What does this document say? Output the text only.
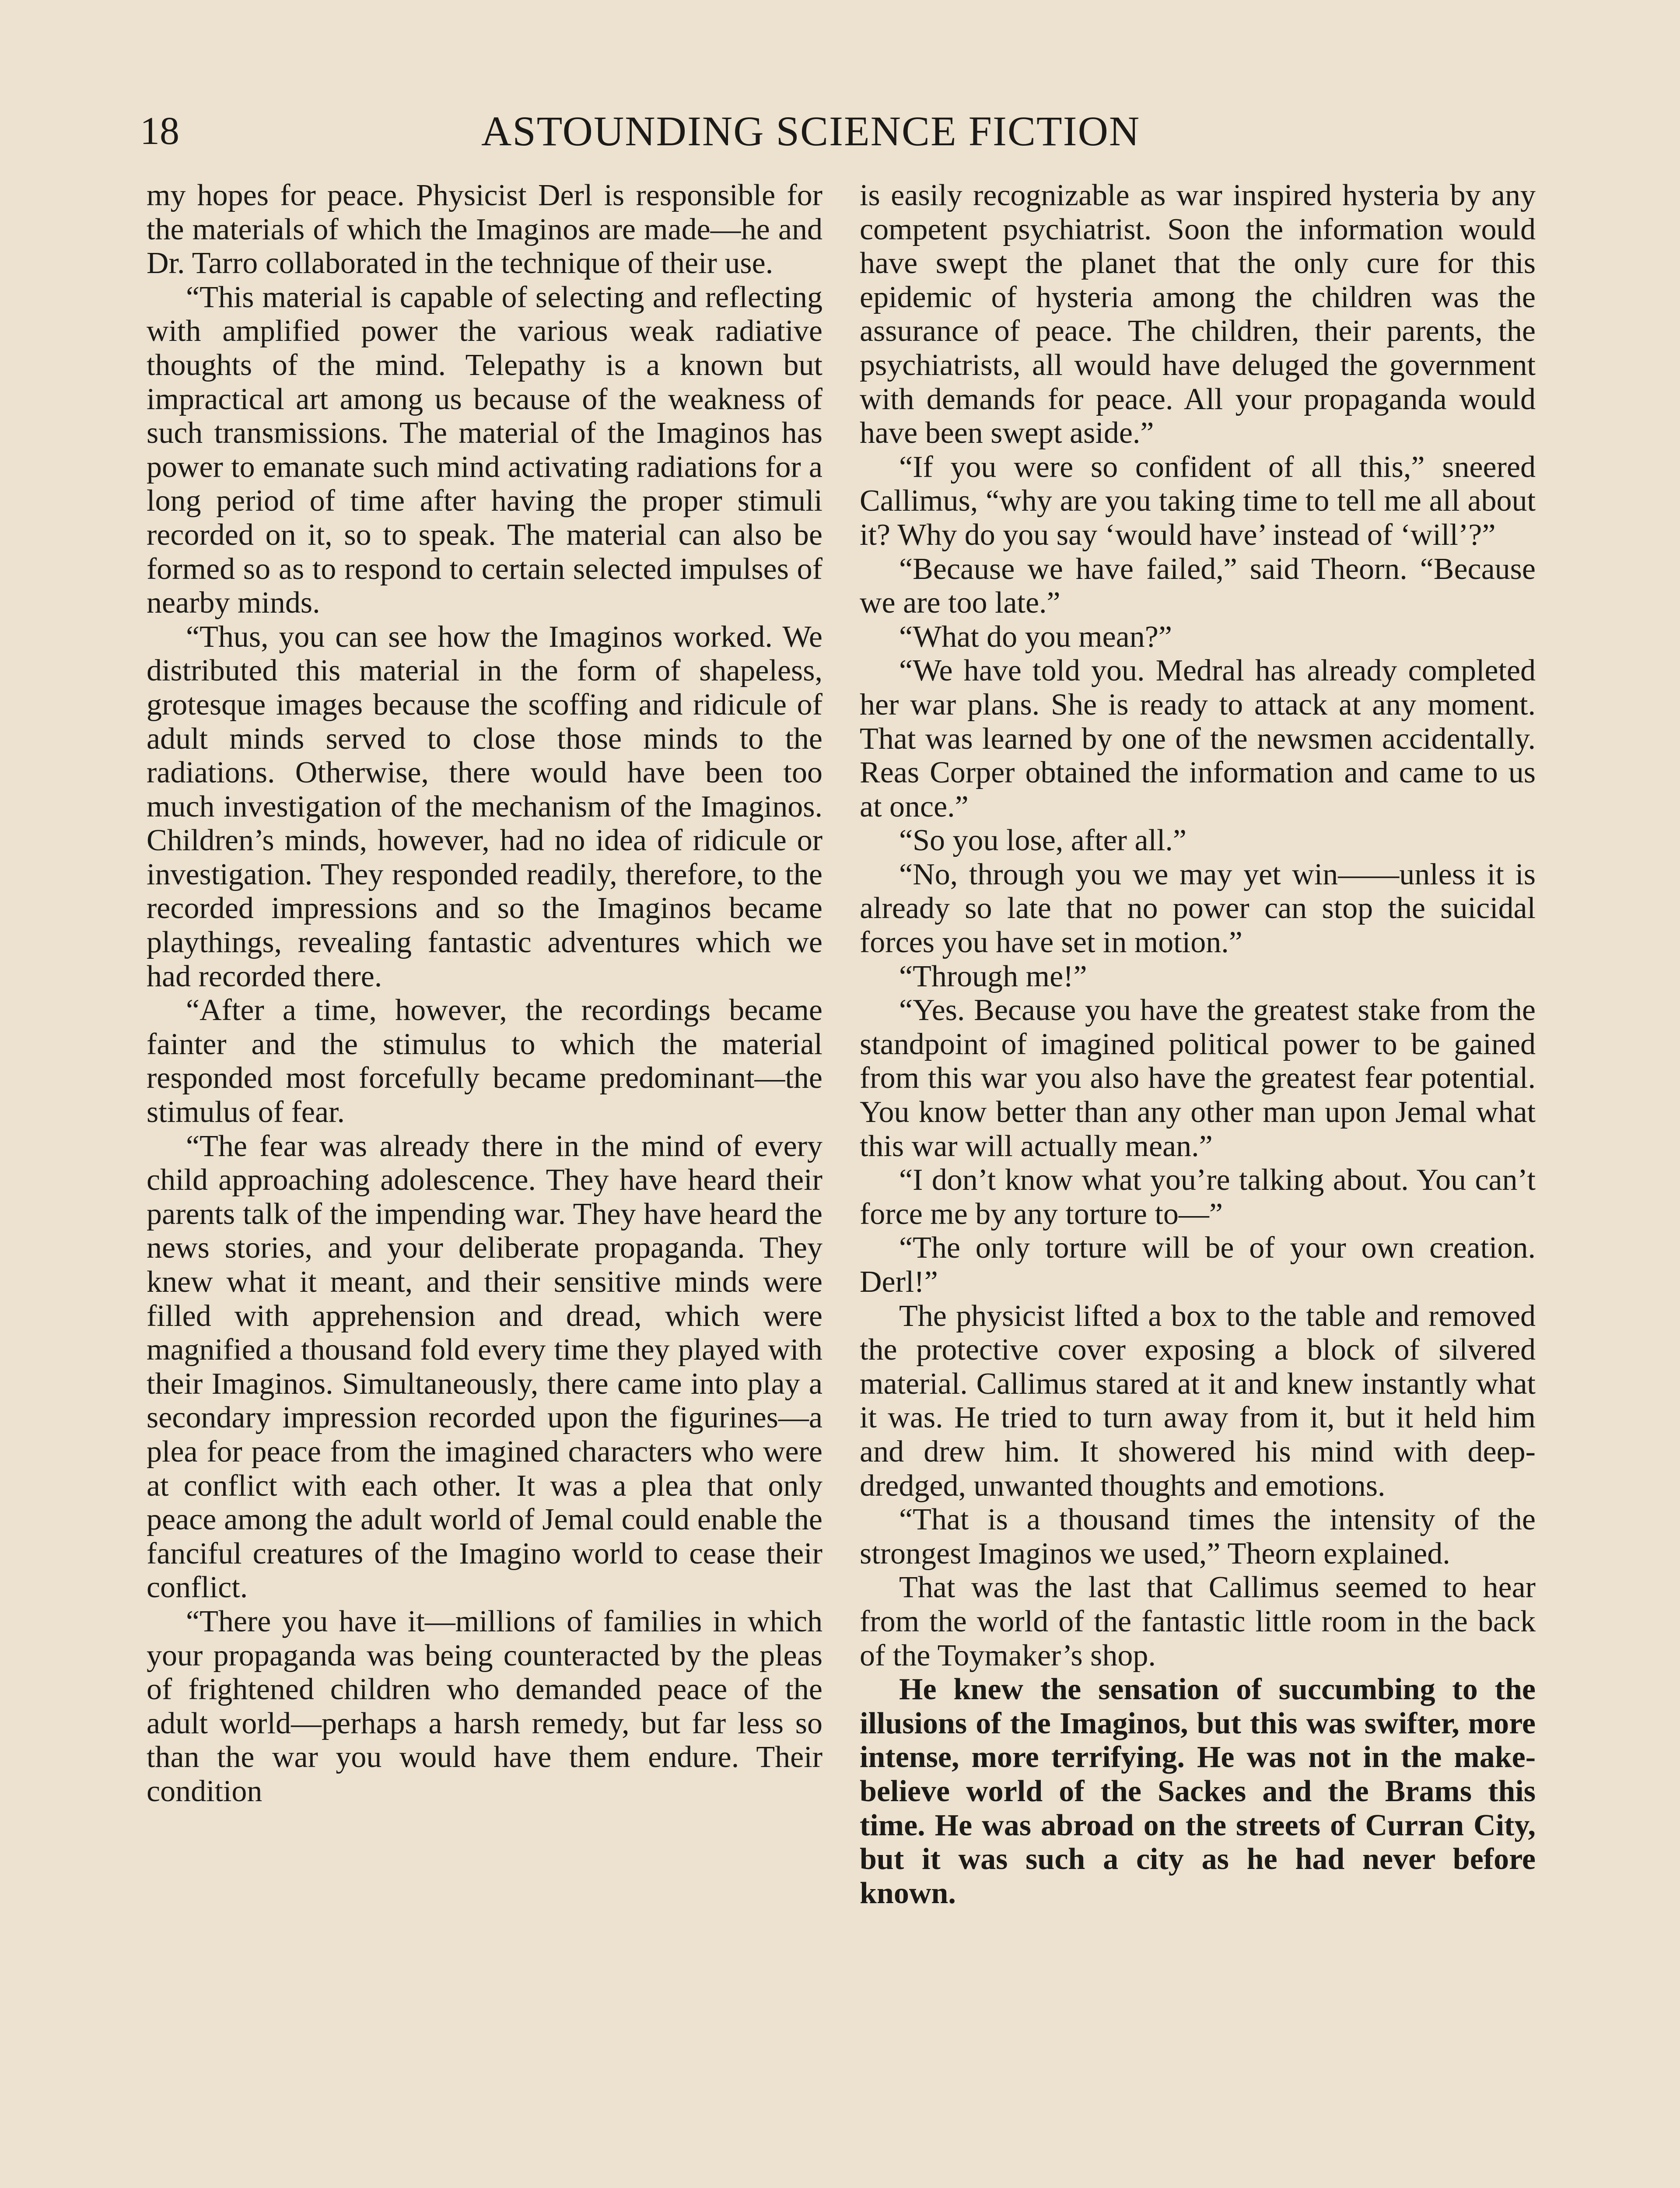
18	ASTOUNDING SCIENCE FICTION

my hopes for peace. Physicist Derl is responsible for the materials of which the Imaginos are made—he and Dr. Tarro collaborated in the technique of their use.

“This material is capable of selecting and reflecting with amplified power the various weak radiative thoughts of the mind. Telepathy is a known but impractical art among us because of the weakness of such transmissions. The material of the Imaginos has power to emanate such mind activating radiations for a long period of time after having the proper stimuli recorded on it, so to speak. The material can also be formed so as to respond to certain selected impulses of nearby minds.

“Thus, you can see how the Imaginos worked. We distributed this material in the form of shapeless, grotesque images because the scoffing and ridicule of adult minds served to close those minds to the radiations. Otherwise, there would have been too much investigation of the mechanism of the Imaginos. Children’s minds, however, had no idea of ridicule or investigation. They responded readily, therefore, to the recorded impressions and so the Imaginos became playthings, revealing fantastic adventures which we had recorded there.

“After a time, however, the recordings became fainter and the stimulus to which the material responded most forcefully became predominant—the stimulus of fear.

“The fear was already there in the mind of every child approaching adolescence. They have heard their parents talk of the impending war. They have heard the news stories, and your deliberate propaganda. They knew what it meant, and their sensitive minds were filled with apprehension and dread, which were magnified a thousand fold every time they played with their Imaginos. Simultaneously, there came into play a secondary impression recorded upon the figurines—a plea for peace from the imagined characters who were at conflict with each other. It was a plea that only peace among the adult world of Jemal could enable the fanciful creatures of the Imagino world to cease their conflict.

“There you have it—millions of families in which your propaganda was being counteracted by the pleas of frightened children who demanded peace of the adult world—perhaps a harsh remedy, but far less so than the war you would have them endure. Their condition

is easily recognizable as war inspired hysteria by any competent psychiatrist. Soon the information would have swept the planet that the only cure for this epidemic of hysteria among the children was the assurance of peace. The children, their parents, the psychiatrists, all would have deluged the government with demands for peace. All your propaganda would have been swept aside.”

“If you were so confident of all this,” sneered Callimus, “why are you taking time to tell me all about it? Why do you say ‘would have’ instead of ‘will’?”

“Because we have failed,” said Theorn. “Because we are too late.”

“What do you mean?”

“We have told you. Medral has already completed her war plans. She is ready to attack at any moment. That was learned by one of the newsmen accidentally. Reas Corper obtained the information and came to us at once.”

“So you lose, after all.”

“No, through you we may yet win——unless it is already so late that no power can stop the suicidal forces you have set in motion.”

“Through me!”

“Yes. Because you have the greatest stake from the standpoint of imagined political power to be gained from this war you also have the greatest fear potential. You know better than any other man upon Jemal what this war will actually mean.”

“I don’t know what you’re talking about. You can’t force me by any torture to—”

“The only torture will be of your own creation. Derl!”

The physicist lifted a box to the table and removed the protective cover exposing a block of silvered material. Callimus stared at it and knew instantly what it was. He tried to turn away from it, but it held him and drew him. It showered his mind with deep-dredged, unwanted thoughts and emotions.

“That is a thousand times the intensity of the strongest Imaginos we used,” Theorn explained.

That was the last that Callimus seemed to hear from the world of the fantastic little room in the back of the Toymaker’s shop.

He knew the sensation of succumbing to the illusions of the Imaginos, but this was swifter, more intense, more terrifying. He was not in the make-believe world of the Sackes and the Brams this time. He was abroad on the streets of Curran City, but it was such a city as he had never before known.
